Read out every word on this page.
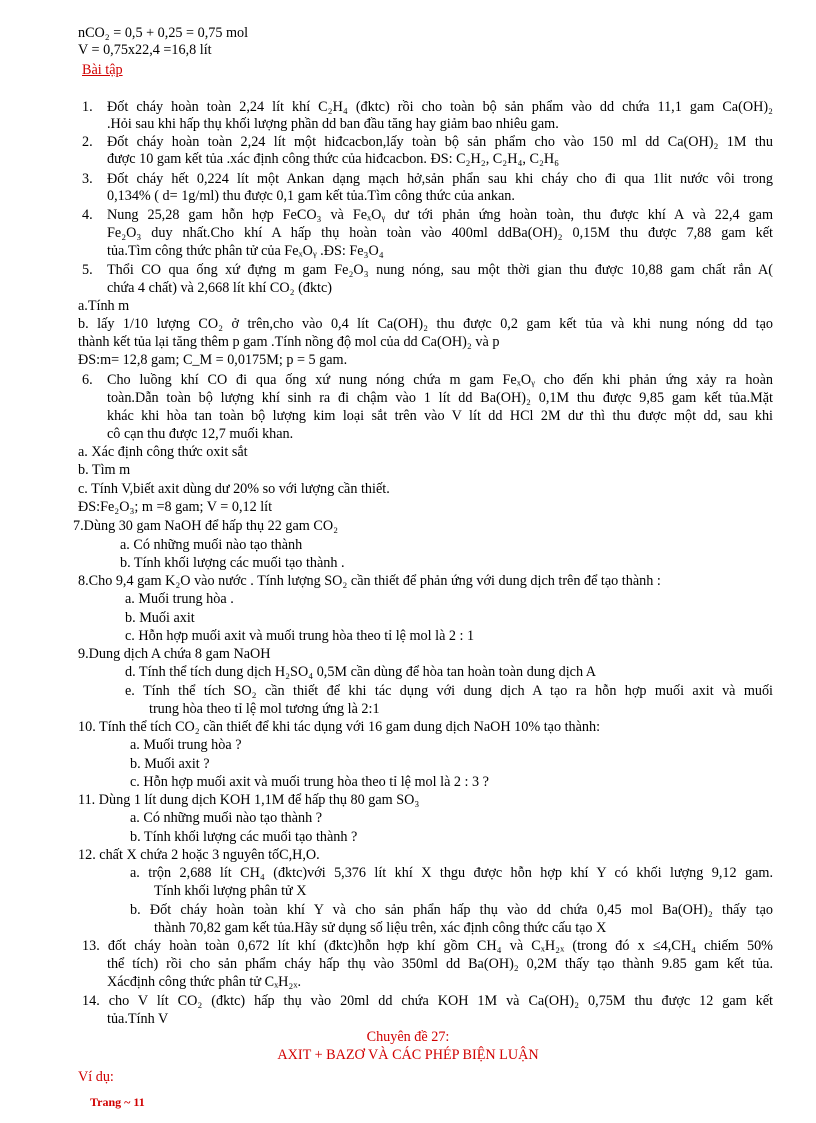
nCO₂ = 0,5 + 0,25 = 0,75 mol
V = 0,75x22,4 =16,8 lít
Bài tập
1. Đốt cháy hoàn toàn 2,24 lít khí C₂H₄ (đktc) rồi cho toàn bộ sản phẩm vào dd chứa 11,1 gam Ca(OH)₂
.Hỏi sau khi hấp thụ khối lượng phần dd ban đầu tăng hay giảm bao nhiêu gam.
2. Đốt cháy hoàn toàn 2,24 lít một hiđcacbon,lấy toàn bộ sản phẩm cho vào 150 ml dd Ca(OH)₂ 1M thu
được 10 gam kết tủa .xác định công thức của hiđcacbon. ĐS: C₂H₂, C₂H₄, C₂H₆
3. Đốt cháy hết 0,224 lít một Ankan dạng mạch hở,sản phẩn sau khi cháy cho đi qua 1lit nước vôi trong
0,134% ( d= 1g/ml) thu được 0,1 gam kết tủa.Tìm công thức của ankan.
4. Nung 25,28 gam hỗn hợp FeCO₃ và FeₓOᵧ dư tới phản ứng hoàn toàn, thu được khí A và 22,4 gam
Fe₂O₃ duy nhất.Cho khí A hấp thụ hoàn toàn vào 400ml ddBa(OH)₂ 0,15M thu được 7,88 gam kết
tủa.Tìm công thức phân tử của FeₓOᵧ .ĐS: Fe₃O₄
5. Thổi CO qua ống xứ đựng m gam Fe₂O₃ nung nóng, sau một thời gian thu được 10,88 gam chất rắn A(
chứa 4 chất) và 2,668 lít khí CO₂ (đktc)
a.Tính m
b. lấy 1/10 lượng CO₂ ở trên,cho vào 0,4 lít Ca(OH)₂ thu được 0,2 gam kết tủa và khi nung nóng dd tạo
thành kết tủa lại tăng thêm p gam .Tính nồng độ mol của dd Ca(OH)₂ và p
ĐS:m= 12,8 gam; C_M = 0,0175M; p = 5 gam.
6. Cho luồng khí CO đi qua ống xứ nung nóng chứa m gam FeₓOᵧ cho đến khi phản ứng xảy ra hoàn
toàn.Dẫn toàn bộ lượng khí sinh ra đi chậm vào 1 lít dd Ba(OH)₂ 0,1M thu được 9,85 gam kết tủa.Mặt
khác khi hòa tan toàn bộ lượng kim loại sắt trên vào V lít dd HCl 2M dư thì thu được một dd, sau khi
cô cạn thu được 12,7 muối khan.
a. Xác định công thức oxit sắt
b. Tìm m
c. Tính V,biết axit dùng dư 20% so với lượng cần thiết.
ĐS:Fe₂O₃; m =8 gam; V = 0,12 lít
7.Dùng 30 gam NaOH để hấp thụ 22 gam CO₂
a. Có những muối nào tạo thành
b. Tính khối lượng các muối tạo thành .
8.Cho 9,4 gam K₂O vào nước . Tính lượng SO₂ cần thiết để phản ứng với dung dịch trên để tạo thành :
a. Muối trung hòa .
b. Muối axit
c. Hỗn hợp muối axit và muối trung hòa theo tỉ lệ mol là 2 : 1
9.Dung dịch A chứa 8 gam NaOH
d. Tính thể tích dung dịch H₂SO₄ 0,5M cần dùng để hòa tan hoàn toàn dung dịch A
e. Tính thể tích SO₂ cần thiết để khi tác dụng với dung dịch A tạo ra hỗn hợp muối axit và muối
trung hòa theo tỉ lệ mol tương ứng là 2:1
10. Tính thể tích CO₂ cần thiết để khi tác dụng với 16 gam dung dịch NaOH 10% tạo thành:
a. Muối trung hòa ?
b. Muối axit ?
c. Hỗn hợp muối axit và muối trung hòa theo tỉ lệ mol là 2 : 3 ?
11. Dùng 1 lít dung dịch KOH 1,1M để hấp thụ 80 gam SO₃
a. Có những muối nào tạo thành ?
b. Tính khối lượng các muối tạo thành ?
12. chất X chứa 2 hoặc 3 nguyên tốC,H,O.
a. trộn 2,688 lít CH₄ (đktc)với 5,376 lít khí X thgu được hỗn hợp khí Y có khối lượng 9,12 gam.
Tính khối lượng phân tử X
b. Đốt cháy hoàn toàn khí Y và cho sản phẩn hấp thụ vào dd chứa 0,45 mol Ba(OH)₂ thấy tạo
thành 70,82 gam kết tủa.Hãy sử dụng số liệu trên, xác định công thức cấu tạo X
13. đốt cháy hoàn toàn 0,672 lít khí (đktc)hỗn hợp khí gồm CH₄ và CₓH₂ₓ (trong đó x ≤4,CH₄ chiếm 50%
thể tích) rồi cho sản phẩm cháy hấp thụ vào 350ml dd Ba(OH)₂ 0,2M thấy tạo thành 9.85 gam kết tủa.
Xácđịnh công thức phân tử CₓH₂ₓ.
14. cho V lít CO₂ (đktc) hấp thụ vào 20ml dd chứa KOH 1M và Ca(OH)₂ 0,75M thu được 12 gam kết
tủa.Tính V
Chuyên đề 27:
AXIT + BAZƠ VÀ CÁC PHÉP BIỆN LUẬN
Ví dụ:
Trang ~ 11
